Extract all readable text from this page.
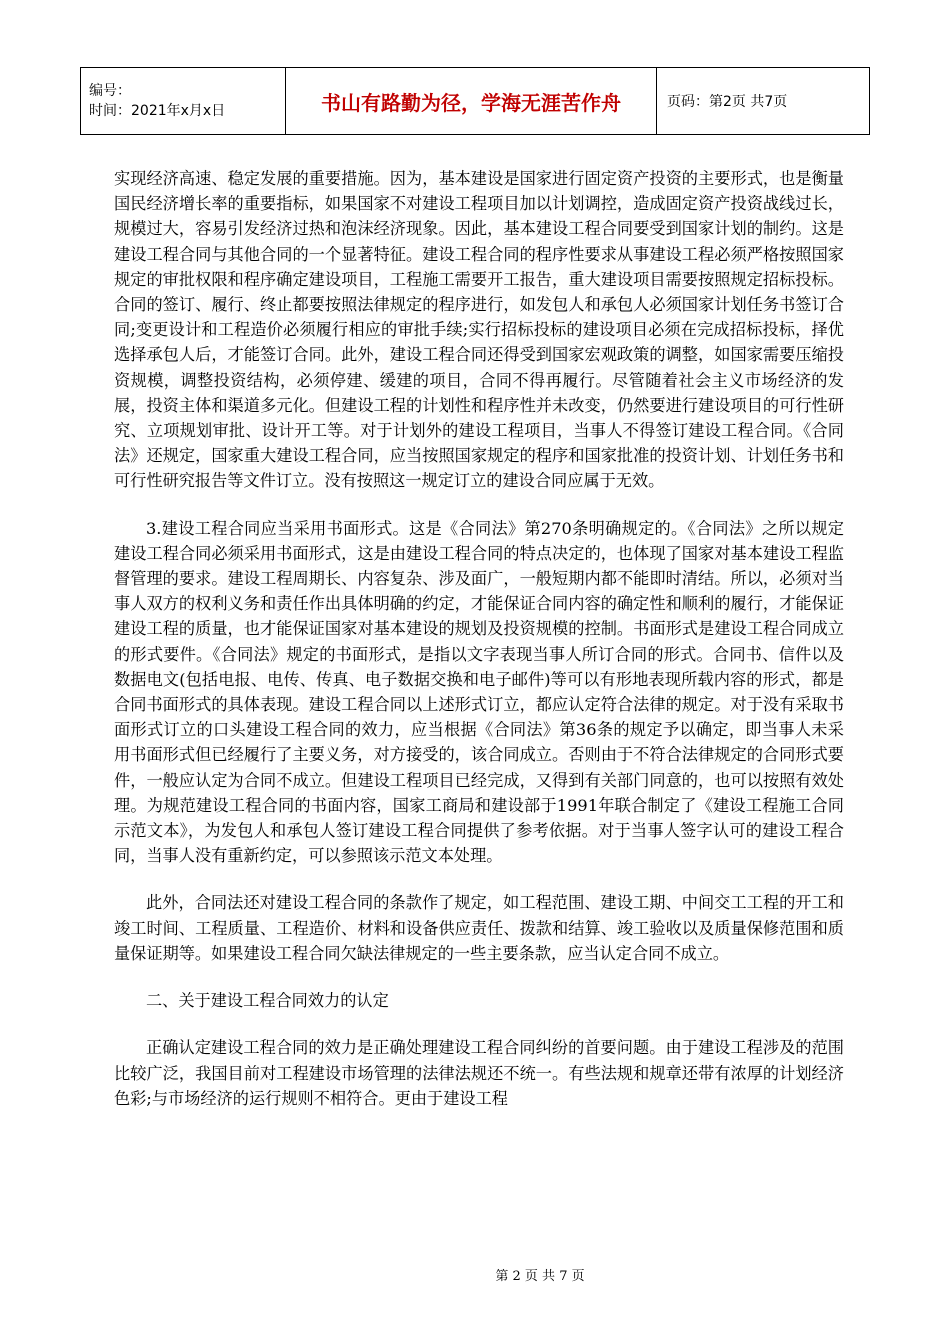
编号：
时间：2021年x月x日	书山有路勤为径，学海无涯苦作舟	页码：第2页 共7页

实现经济高速、稳定发展的重要措施。因为，基本建设是国家进行固定资产投资的主要形式，也是衡量国民经济增长率的重要指标，如果国家不对建设工程项目加以计划调控，造成固定资产投资战线过长，规模过大，容易引发经济过热和泡沫经济现象。因此，基本建设工程合同要受到国家计划的制约。这是建设工程合同与其他合同的一个显著特征。建设工程合同的程序性要求从事建设工程必须严格按照国家规定的审批权限和程序确定建设项目，工程施工需要开工报告，重大建设项目需要按照规定招标投标。合同的签订、履行、终止都要按照法律规定的程序进行，如发包人和承包人必须国家计划任务书签订合同;变更设计和工程造价必须履行相应的审批手续;实行招标投标的建设项目必须在完成招标投标，择优选择承包人后，才能签订合同。此外，建设工程合同还得受到国家宏观政策的调整，如国家需要压缩投资规模，调整投资结构，必须停建、缓建的项目，合同不得再履行。尽管随着社会主义市场经济的发展，投资主体和渠道多元化。但建设工程的计划性和程序性并未改变，仍然要进行建设项目的可行性研究、立项规划审批、设计开工等。对于计划外的建设工程项目，当事人不得签订建设工程合同。《合同法》还规定，国家重大建设工程合同，应当按照国家规定的程序和国家批准的投资计划、计划任务书和可行性研究报告等文件订立。没有按照这一规定订立的建设合同应属于无效。

3.建设工程合同应当采用书面形式。这是《合同法》第270条明确规定的。《合同法》之所以规定建设工程合同必须采用书面形式，这是由建设工程合同的特点决定的，也体现了国家对基本建设工程监督管理的要求。建设工程周期长、内容复杂、涉及面广，一般短期内都不能即时清结。所以，必须对当事人双方的权利义务和责任作出具体明确的约定，才能保证合同内容的确定性和顺利的履行，才能保证建设工程的质量，也才能保证国家对基本建设的规划及投资规模的控制。书面形式是建设工程合同成立的形式要件。《合同法》规定的书面形式，是指以文字表现当事人所订合同的形式。合同书、信件以及数据电文(包括电报、电传、传真、电子数据交换和电子邮件)等可以有形地表现所载内容的形式，都是合同书面形式的具体表现。建设工程合同以上述形式订立，都应认定符合法律的规定。对于没有采取书面形式订立的口头建设工程合同的效力，应当根据《合同法》第36条的规定予以确定，即当事人未采用书面形式但已经履行了主要义务，对方接受的，该合同成立。否则由于不符合法律规定的合同形式要件，一般应认定为合同不成立。但建设工程项目已经完成，又得到有关部门同意的，也可以按照有效处理。为规范建设工程合同的书面内容，国家工商局和建设部于1991年联合制定了《建设工程施工合同示范文本》，为发包人和承包人签订建设工程合同提供了参考依据。对于当事人签字认可的建设工程合同，当事人没有重新约定，可以参照该示范文本处理。

此外，合同法还对建设工程合同的条款作了规定，如工程范围、建设工期、中间交工工程的开工和竣工时间、工程质量、工程造价、材料和设备供应责任、拨款和结算、竣工验收以及质量保修范围和质量保证期等。如果建设工程合同欠缺法律规定的一些主要条款，应当认定合同不成立。

二、关于建设工程合同效力的认定

正确认定建设工程合同的效力是正确处理建设工程合同纠纷的首要问题。由于建设工程涉及的范围比较广泛，我国目前对工程建设市场管理的法律法规还不统一。有些法规和规章还带有浓厚的计划经济色彩;与市场经济的运行规则不相符合。更由于建设工程

第 2 页 共 7 页
